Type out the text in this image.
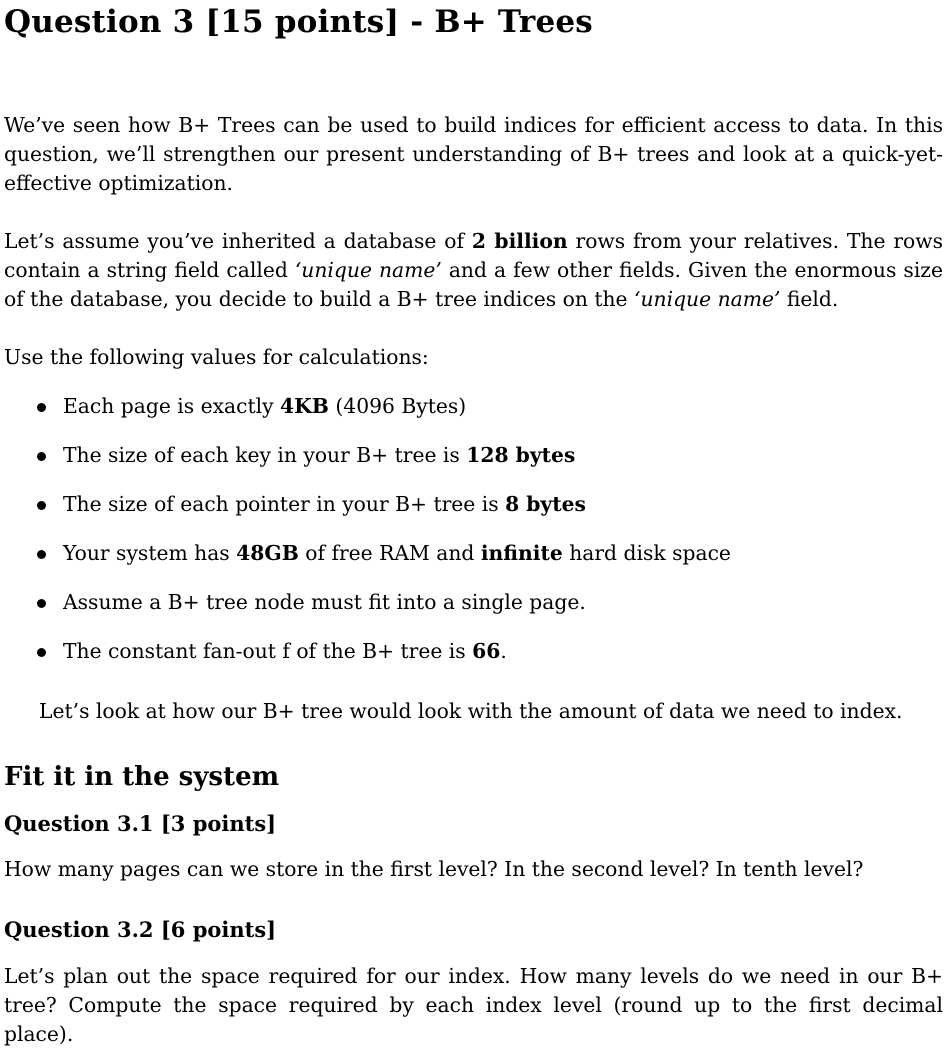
Question 3 [15 points] - B+ Trees

We’ve seen how B+ Trees can be used to build indices for efficient access to data. In this question, we’ll strengthen our present understanding of B+ trees and look at a quick-yet-effective optimization.

Let’s assume you’ve inherited a database of 2 billion rows from your relatives. The rows contain a string field called ‘unique name’ and a few other fields. Given the enormous size of the database, you decide to build a B+ tree indices on the ‘unique name’ field.

Use the following values for calculations:

Each page is exactly 4KB (4096 Bytes)
The size of each key in your B+ tree is 128 bytes
The size of each pointer in your B+ tree is 8 bytes
Your system has 48GB of free RAM and infinite hard disk space
Assume a B+ tree node must fit into a single page.
The constant fan-out f of the B+ tree is 66.

Let’s look at how our B+ tree would look with the amount of data we need to index.

Fit it in the system
Question 3.1 [3 points]

How many pages can we store in the first level? In the second level? In tenth level?

Question 3.2 [6 points]

Let’s plan out the space required for our index. How many levels do we need in our B+ tree? Compute the space required by each index level (round up to the first decimal place).
